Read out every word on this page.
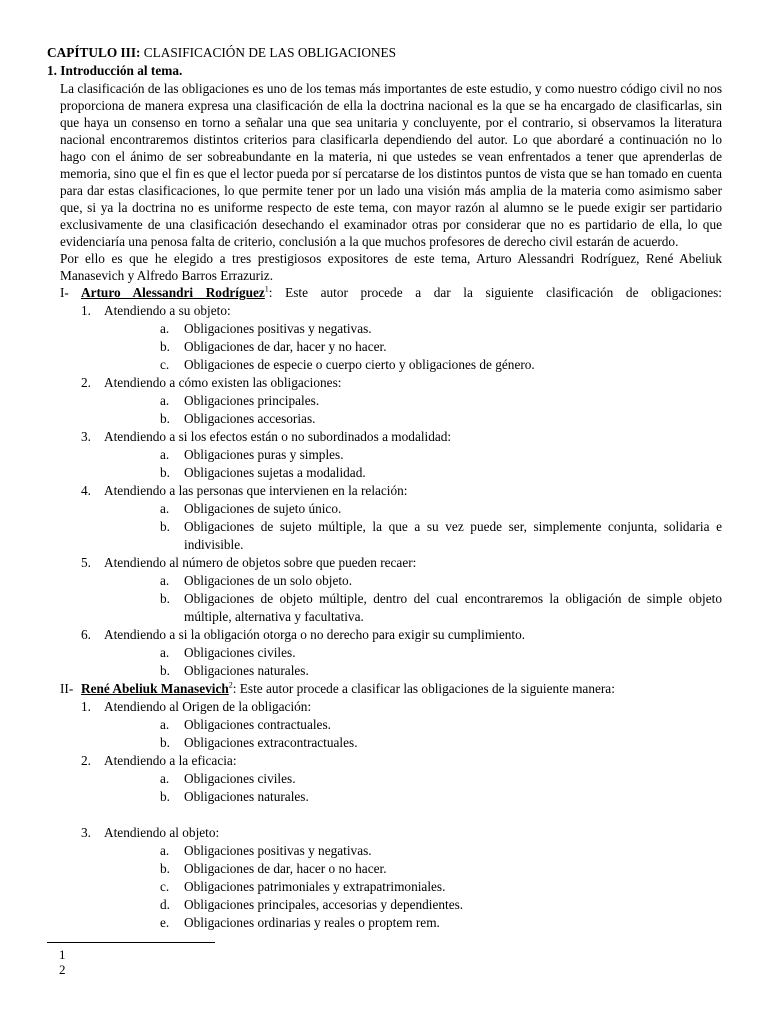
CAPÍTULO III: CLASIFICACIÓN DE LAS OBLIGACIONES

1. Introducción al tema.

La clasificación de las obligaciones es uno de los temas más importantes de este estudio, y como nuestro código civil no nos proporciona de manera expresa una clasificación de ella la doctrina nacional es la que se ha encargado de clasificarlas, sin que haya un consenso en torno a señalar una que sea unitaria y concluyente, por el contrario, si observamos la literatura nacional encontraremos distintos criterios para clasificarla dependiendo del autor. Lo que abordaré a continuación no lo hago con el ánimo de ser sobreabundante en la materia, ni que ustedes se vean enfrentados a tener que aprenderlas de memoria, sino que el fin es que el lector pueda por sí percatarse de los distintos puntos de vista que se han tomado en cuenta para dar estas clasificaciones, lo que permite tener por un lado una visión más amplia de la materia como asimismo saber que, si ya la doctrina no es uniforme respecto de este tema, con mayor razón al alumno se le puede exigir ser partidario exclusivamente de una clasificación desechando el examinador otras por considerar que no es partidario de ella, lo que evidenciaría una penosa falta de criterio, conclusión a la que muchos profesores de derecho civil estarán de acuerdo.

Por ello es que he elegido a tres prestigiosos expositores de este tema, Arturo Alessandri Rodríguez, René Abeliuk Manasevich y Alfredo Barros Errazuriz.

I- Arturo Alessandri Rodríguez$^1$: Este autor procede a dar la siguiente clasificación de obligaciones:
1. Atendiendo a su objeto:
a. Obligaciones positivas y negativas.
b. Obligaciones de dar, hacer y no hacer.
c. Obligaciones de especie o cuerpo cierto y obligaciones de género.
2. Atendiendo a cómo existen las obligaciones:
a. Obligaciones principales.
b. Obligaciones accesorias.
3. Atendiendo a si los efectos están o no subordinados a modalidad:
a. Obligaciones puras y simples.
b. Obligaciones sujetas a modalidad.
4. Atendiendo a las personas que intervienen en la relación:
a. Obligaciones de sujeto único.
b. Obligaciones de sujeto múltiple, la que a su vez puede ser, simplemente conjunta, solidaria e indivisible.
5. Atendiendo al número de objetos sobre que pueden recaer:
a. Obligaciones de un solo objeto.
b. Obligaciones de objeto múltiple, dentro del cual encontraremos la obligación de simple objeto múltiple, alternativa y facultativa.
6. Atendiendo a si la obligación otorga o no derecho para exigir su cumplimiento.
a. Obligaciones civiles.
b. Obligaciones naturales.
II- René Abeliuk Manasevich$^2$: Este autor procede a clasificar las obligaciones de la siguiente manera:
1. Atendiendo al Origen de la obligación:
a. Obligaciones contractuales.
b. Obligaciones extracontractuales.
2. Atendiendo a la eficacia:
a. Obligaciones civiles.
b. Obligaciones naturales.
3. Atendiendo al objeto:
a. Obligaciones positivas y negativas.
b. Obligaciones de dar, hacer o no hacer.
c. Obligaciones patrimoniales y extrapatrimoniales.
d. Obligaciones principales, accesorias y dependientes.
e. Obligaciones ordinarias y reales o proptem rem.
1
2
